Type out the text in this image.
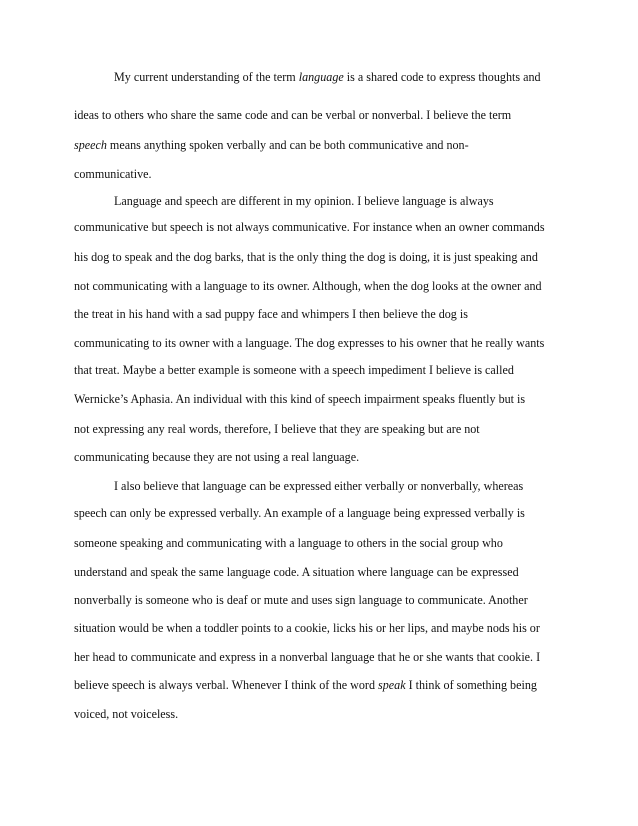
My current understanding of the term language is a shared code to express thoughts and
ideas to others who share the same code and can be verbal or nonverbal. I believe the term
speech means anything spoken verbally and can be both communicative and non-
communicative.
Language and speech are different in my opinion. I believe language is always
communicative but speech is not always communicative. For instance when an owner commands
his dog to speak and the dog barks, that is the only thing the dog is doing, it is just speaking and
not communicating with a language to its owner. Although, when the dog looks at the owner and
the treat in his hand with a sad puppy face and whimpers I then believe the dog is
communicating to its owner with a language. The dog expresses to his owner that he really wants
that treat. Maybe a better example is someone with a speech impediment I believe is called
Wernicke’s Aphasia. An individual with this kind of speech impairment speaks fluently but is
not expressing any real words, therefore, I believe that they are speaking but are not
communicating because they are not using a real language.
I also believe that language can be expressed either verbally or nonverbally, whereas
speech can only be expressed verbally. An example of a language being expressed verbally is
someone speaking and communicating with a language to others in the social group who
understand and speak the same language code. A situation where language can be expressed
nonverbally is someone who is deaf or mute and uses sign language to communicate. Another
situation would be when a toddler points to a cookie, licks his or her lips, and maybe nods his or
her head to communicate and express in a nonverbal language that he or she wants that cookie. I
believe speech is always verbal. Whenever I think of the word speak I think of something being
voiced, not voiceless.
